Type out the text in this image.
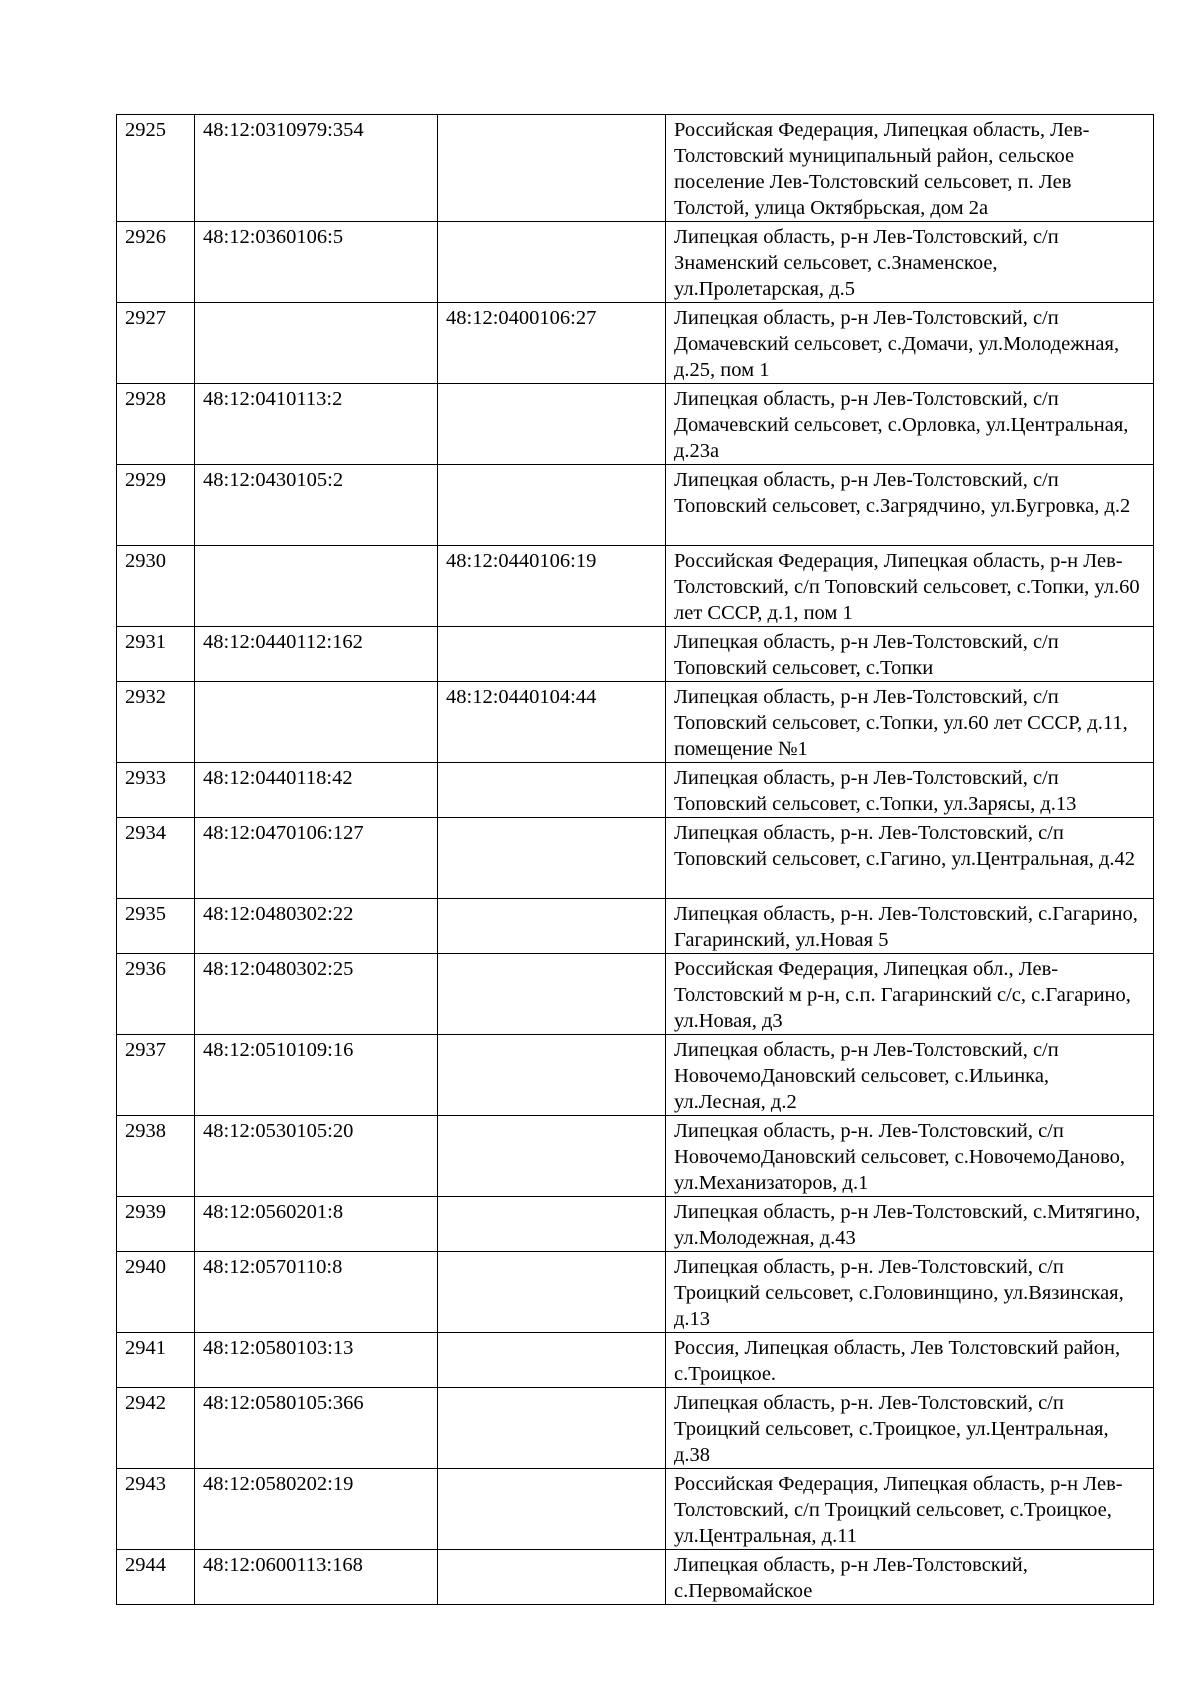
2925	48:12:0310979:354		Российская Федерация, Липецкая область, Лев-Толстовский муниципальный район, сельское поселение Лев-Толстовский сельсовет, п. Лев Толстой, улица Октябрьская, дом 2а
2926	48:12:0360106:5		Липецкая область, р-н Лев-Толстовский, с/п Знаменский сельсовет, с.Знаменское, ул.Пролетарская, д.5
2927		48:12:0400106:27	Липецкая область, р-н Лев-Толстовский, с/п Домачевский сельсовет, с.Домачи, ул.Молодежная, д.25, пом 1
2928	48:12:0410113:2		Липецкая область, р-н Лев-Толстовский, с/п Домачевский сельсовет, с.Орловка, ул.Центральная, д.23а
2929	48:12:0430105:2		Липецкая область, р-н Лев-Толстовский, с/п Топовский сельсовет, с.Загрядчино, ул.Бугровка, д.2
2930		48:12:0440106:19	Российская Федерация, Липецкая область, р-н Лев-Толстовский, с/п Топовский сельсовет, с.Топки, ул.60 лет СССР, д.1, пом 1
2931	48:12:0440112:162		Липецкая область, р-н Лев-Толстовский, с/п Топовский сельсовет, с.Топки
2932		48:12:0440104:44	Липецкая область, р-н Лев-Толстовский, с/п Топовский сельсовет, с.Топки, ул.60 лет СССР, д.11, помещение №1
2933	48:12:0440118:42		Липецкая область, р-н Лев-Толстовский, с/п Топовский сельсовет, с.Топки, ул.Зарясы, д.13
2934	48:12:0470106:127		Липецкая область, р-н. Лев-Толстовский, с/п Топовский сельсовет, с.Гагино, ул.Центральная, д.42
2935	48:12:0480302:22		Липецкая область, р-н. Лев-Толстовский, с.Гагарино, Гагаринский, ул.Новая 5
2936	48:12:0480302:25		Российская Федерация, Липецкая обл., Лев-Толстовский м р-н, с.п. Гагаринский с/с, с.Гагарино, ул.Новая, д3
2937	48:12:0510109:16		Липецкая область, р-н Лев-Толстовский, с/п НовочемоДановский сельсовет, с.Ильинка, ул.Лесная, д.2
2938	48:12:0530105:20		Липецкая область, р-н. Лев-Толстовский, с/п НовочемоДановский сельсовет, с.НовочемоДаново, ул.Механизаторов, д.1
2939	48:12:0560201:8		Липецкая область, р-н Лев-Толстовский, с.Митягино, ул.Молодежная, д.43
2940	48:12:0570110:8		Липецкая область, р-н. Лев-Толстовский, с/п Троицкий сельсовет, с.Головинщино, ул.Вязинская, д.13
2941	48:12:0580103:13		Россия, Липецкая область, Лев Толстовский район, с.Троицкое.
2942	48:12:0580105:366		Липецкая область, р-н. Лев-Толстовский, с/п Троицкий сельсовет, с.Троицкое, ул.Центральная, д.38
2943	48:12:0580202:19		Российская Федерация, Липецкая область, р-н Лев-Толстовский, с/п Троицкий сельсовет, с.Троицкое, ул.Центральная, д.11
2944	48:12:0600113:168		Липецкая область, р-н Лев-Толстовский, с.Первомайское
